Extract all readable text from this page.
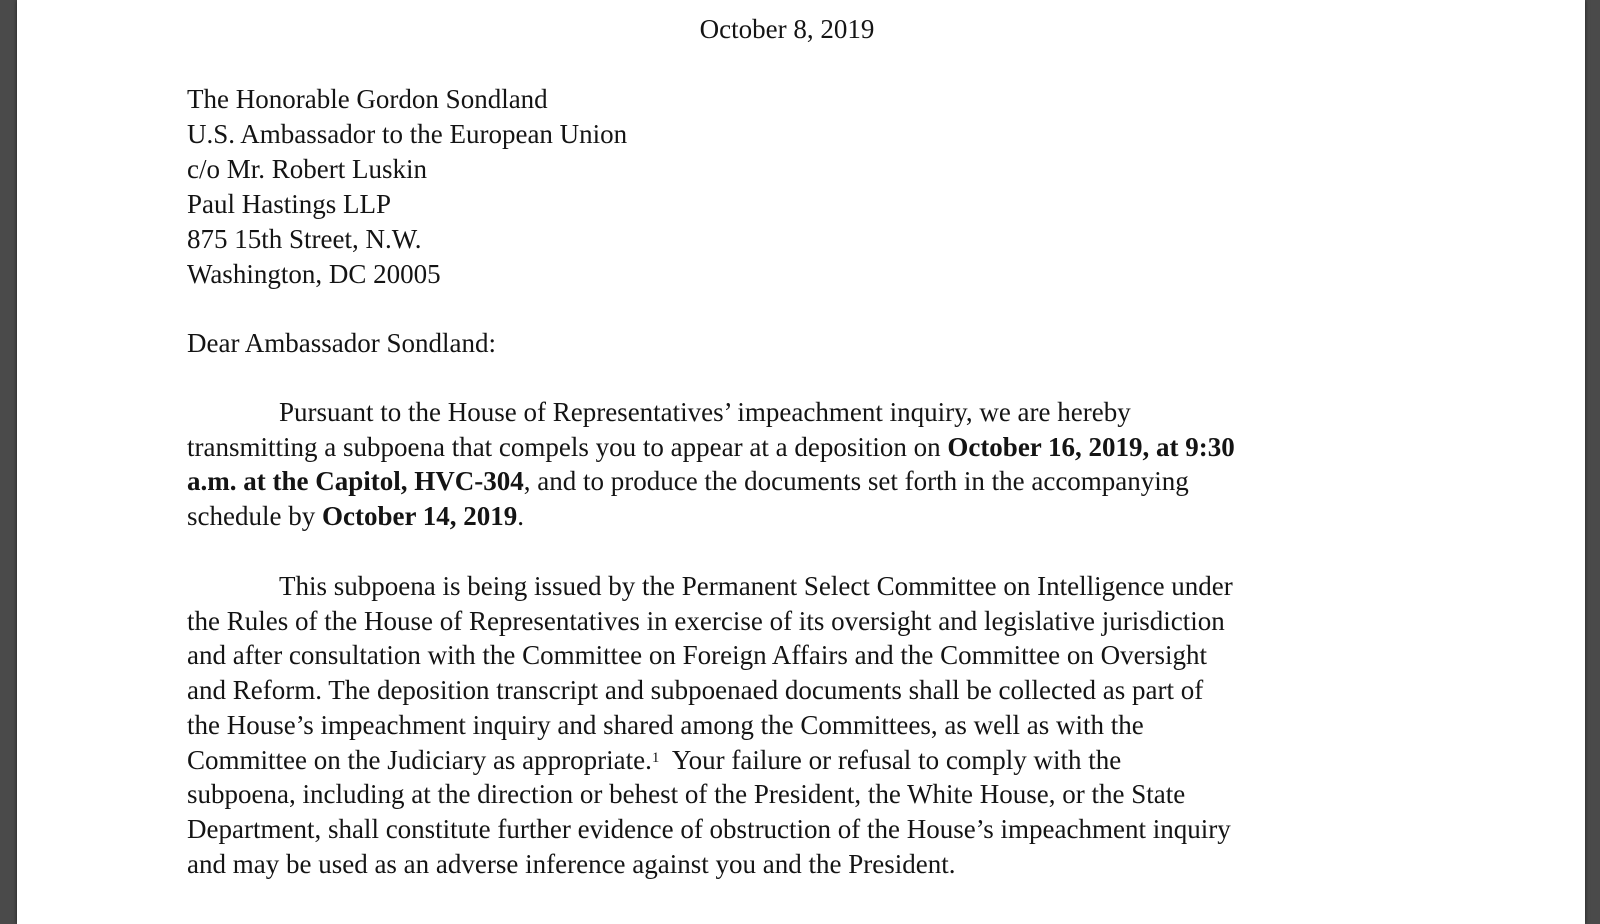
October 8, 2019
The Honorable Gordon Sondland
U.S. Ambassador to the European Union
c/o Mr. Robert Luskin
Paul Hastings LLP
875 15th Street, N.W.
Washington, DC 20005
Dear Ambassador Sondland:
Pursuant to the House of Representatives’ impeachment inquiry, we are hereby
transmitting a subpoena that compels you to appear at a deposition on October 16, 2019, at 9:30
a.m. at the Capitol, HVC-304, and to produce the documents set forth in the accompanying
schedule by October 14, 2019.
This subpoena is being issued by the Permanent Select Committee on Intelligence under
the Rules of the House of Representatives in exercise of its oversight and legislative jurisdiction
and after consultation with the Committee on Foreign Affairs and the Committee on Oversight
and Reform. The deposition transcript and subpoenaed documents shall be collected as part of
the House’s impeachment inquiry and shared among the Committees, as well as with the
Committee on the Judiciary as appropriate.$^1$  Your failure or refusal to comply with the
subpoena, including at the direction or behest of the President, the White House, or the State
Department, shall constitute further evidence of obstruction of the House’s impeachment inquiry
and may be used as an adverse inference against you and the President.
